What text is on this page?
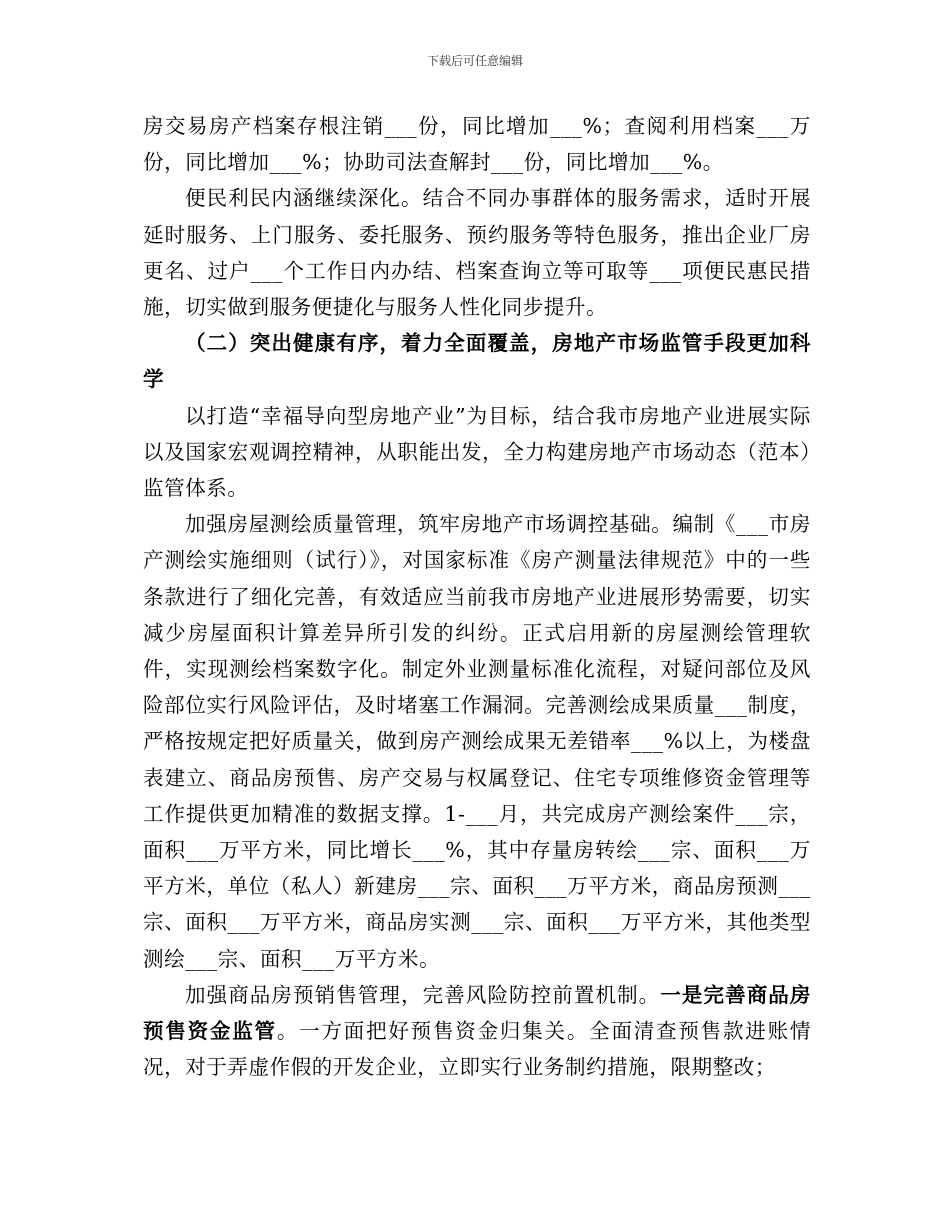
下载后可任意编辑

房交易房产档案存根注销___份，同比增加___%；查阅利用档案___万份，同比增加___%；协助司法查解封___份，同比增加___%。

便民利民内涵继续深化。结合不同办事群体的服务需求，适时开展延时服务、上门服务、委托服务、预约服务等特色服务，推出企业厂房更名、过户___个工作日内办结、档案查询立等可取等___项便民惠民措施，切实做到服务便捷化与服务人性化同步提升。

（二）突出健康有序，着力全面覆盖，房地产市场监管手段更加科学

以打造“幸福导向型房地产业”为目标，结合我市房地产业进展实际以及国家宏观调控精神，从职能出发，全力构建房地产市场动态（范本）监管体系。

加强房屋测绘质量管理，筑牢房地产市场调控基础。编制《___市房产测绘实施细则（试行）》，对国家标准《房产测量法律规范》中的一些条款进行了细化完善，有效适应当前我市房地产业进展形势需要，切实减少房屋面积计算差异所引发的纠纷。正式启用新的房屋测绘管理软件，实现测绘档案数字化。制定外业测量标准化流程，对疑问部位及风险部位实行风险评估，及时堵塞工作漏洞。完善测绘成果质量___制度，严格按规定把好质量关，做到房产测绘成果无差错率___%以上，为楼盘表建立、商品房预售、房产交易与权属登记、住宅专项维修资金管理等工作提供更加精准的数据支撑。1-___月，共完成房产测绘案件___宗，面积___万平方米，同比增长___%，其中存量房转绘___宗、面积___万平方米，单位（私人）新建房___宗、面积___万平方米，商品房预测___宗、面积___万平方米，商品房实测___宗、面积___万平方米，其他类型测绘___宗、面积___万平方米。

加强商品房预销售管理，完善风险防控前置机制。一是完善商品房预售资金监管。一方面把好预售资金归集关。全面清查预售款进账情况，对于弄虚作假的开发企业，立即实行业务制约措施，限期整改；
